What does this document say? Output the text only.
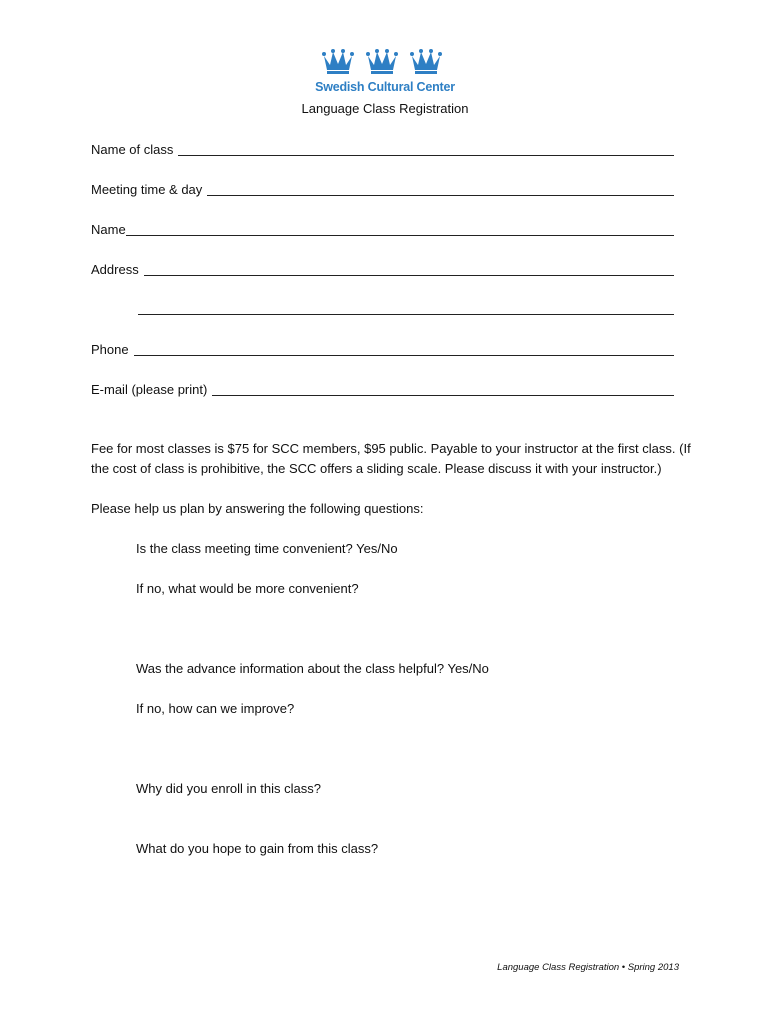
Swedish Cultural Center
Language Class Registration
Name of class
Meeting time & day
Name
Address
Phone
E-mail (please print)
Fee for most classes is $75 for SCC members, $95 public. Payable to your instructor at the first class. (If
the cost of class is prohibitive, the SCC offers a sliding scale. Please discuss it with your instructor.)
Please help us plan by answering the following questions:
Is the class meeting time convenient? Yes/No
If no, what would be more convenient?
Was the advance information about the class helpful? Yes/No
If no, how can we improve?
Why did you enroll in this class?
What do you hope to gain from this class?
Language Class Registration • Spring 2013
